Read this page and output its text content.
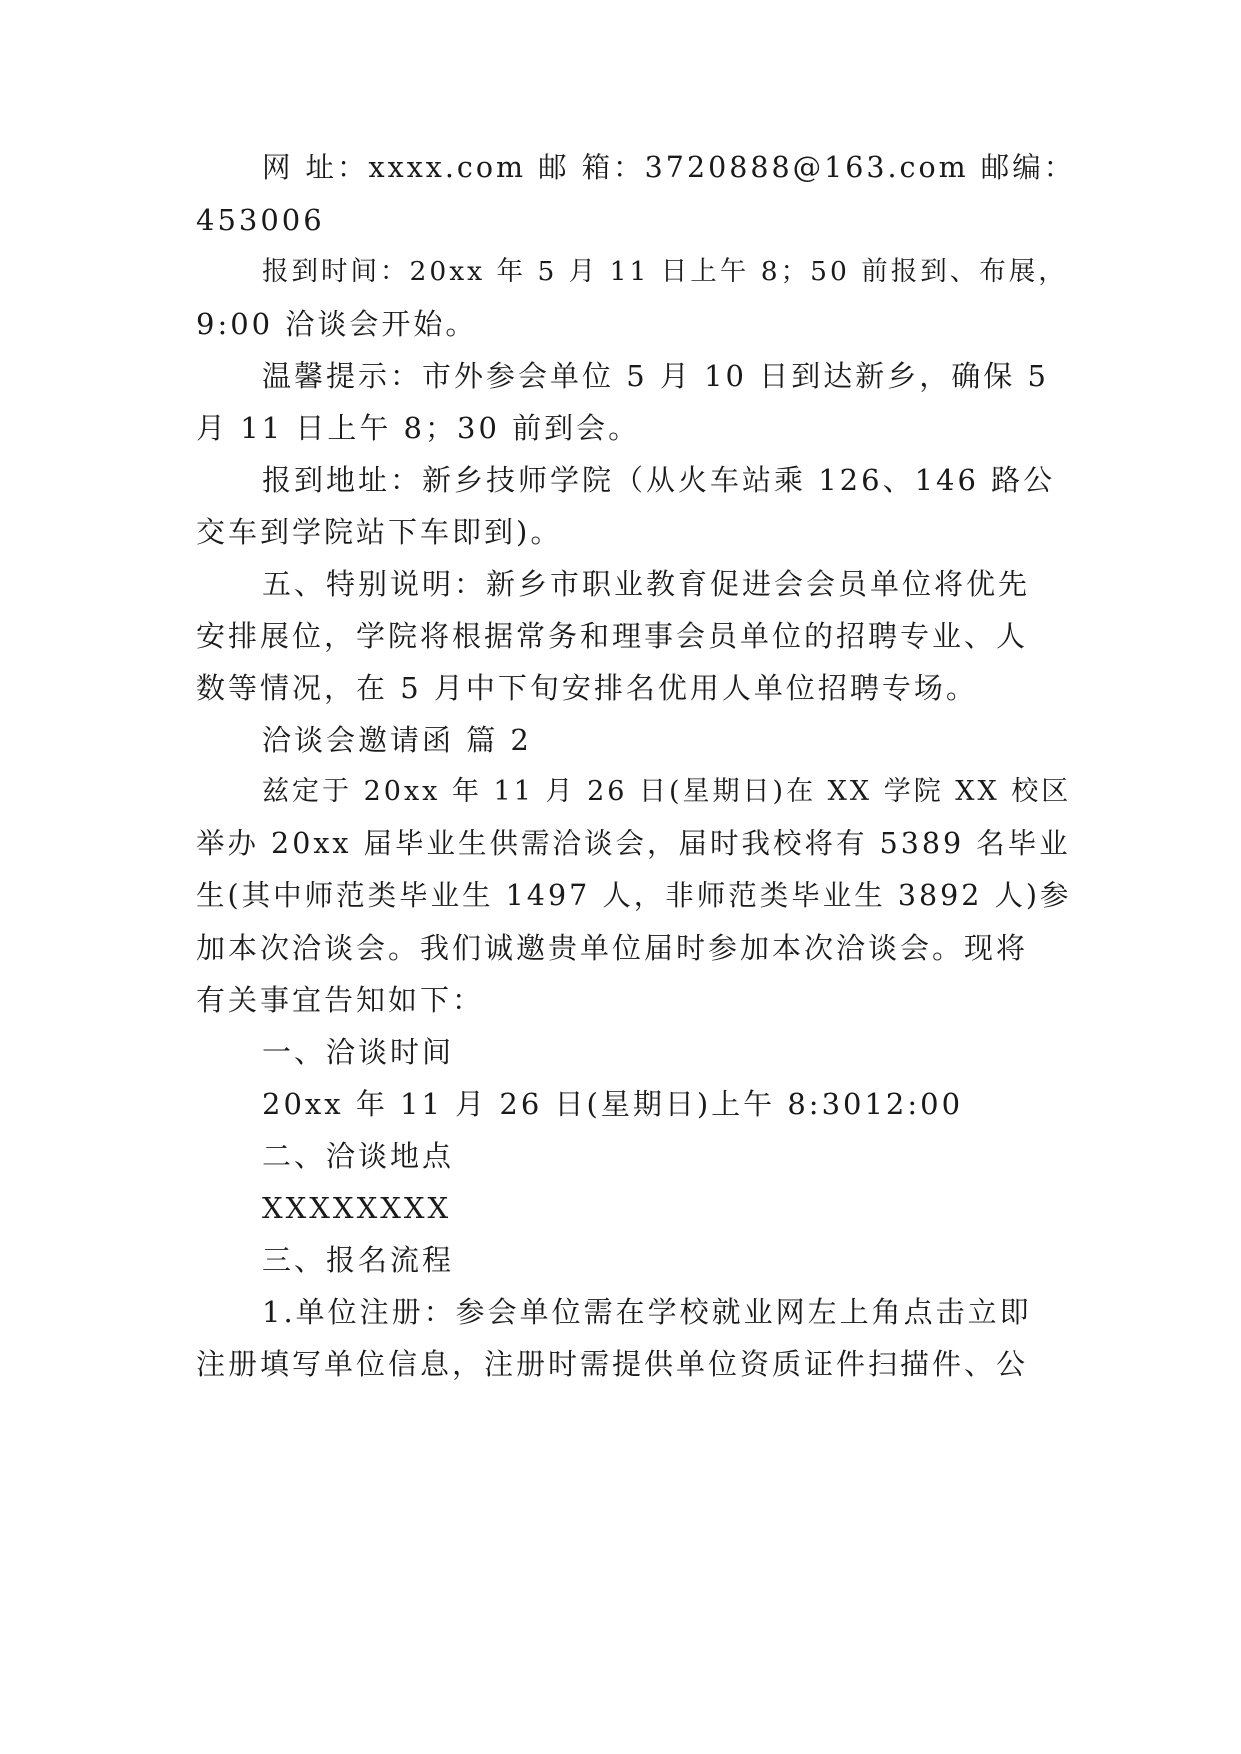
网 址：xxxx.com 邮 箱：3720888@163.com 邮编：
453006
报到时间：20xx 年 5 月 11 日上午 8；50 前报到、布展，
9:00 洽谈会开始。
温馨提示：市外参会单位 5 月 10 日到达新乡，确保 5
月 11 日上午 8；30 前到会。
报到地址：新乡技师学院（从火车站乘 126、146 路公
交车到学院站下车即到)。
五、特别说明：新乡市职业教育促进会会员单位将优先
安排展位，学院将根据常务和理事会员单位的招聘专业、人
数等情况，在 5 月中下旬安排名优用人单位招聘专场。
洽谈会邀请函 篇 2
兹定于 20xx 年 11 月 26 日(星期日)在 XX 学院 XX 校区
举办 20xx 届毕业生供需洽谈会，届时我校将有 5389 名毕业
生(其中师范类毕业生 1497 人，非师范类毕业生 3892 人)参
加本次洽谈会。我们诚邀贵单位届时参加本次洽谈会。现将
有关事宜告知如下：
一、洽谈时间
20xx 年 11 月 26 日(星期日)上午 8:3012:00
二、洽谈地点
XXXXXXXX
三、报名流程
1.单位注册：参会单位需在学校就业网左上角点击立即
注册填写单位信息，注册时需提供单位资质证件扫描件、公
